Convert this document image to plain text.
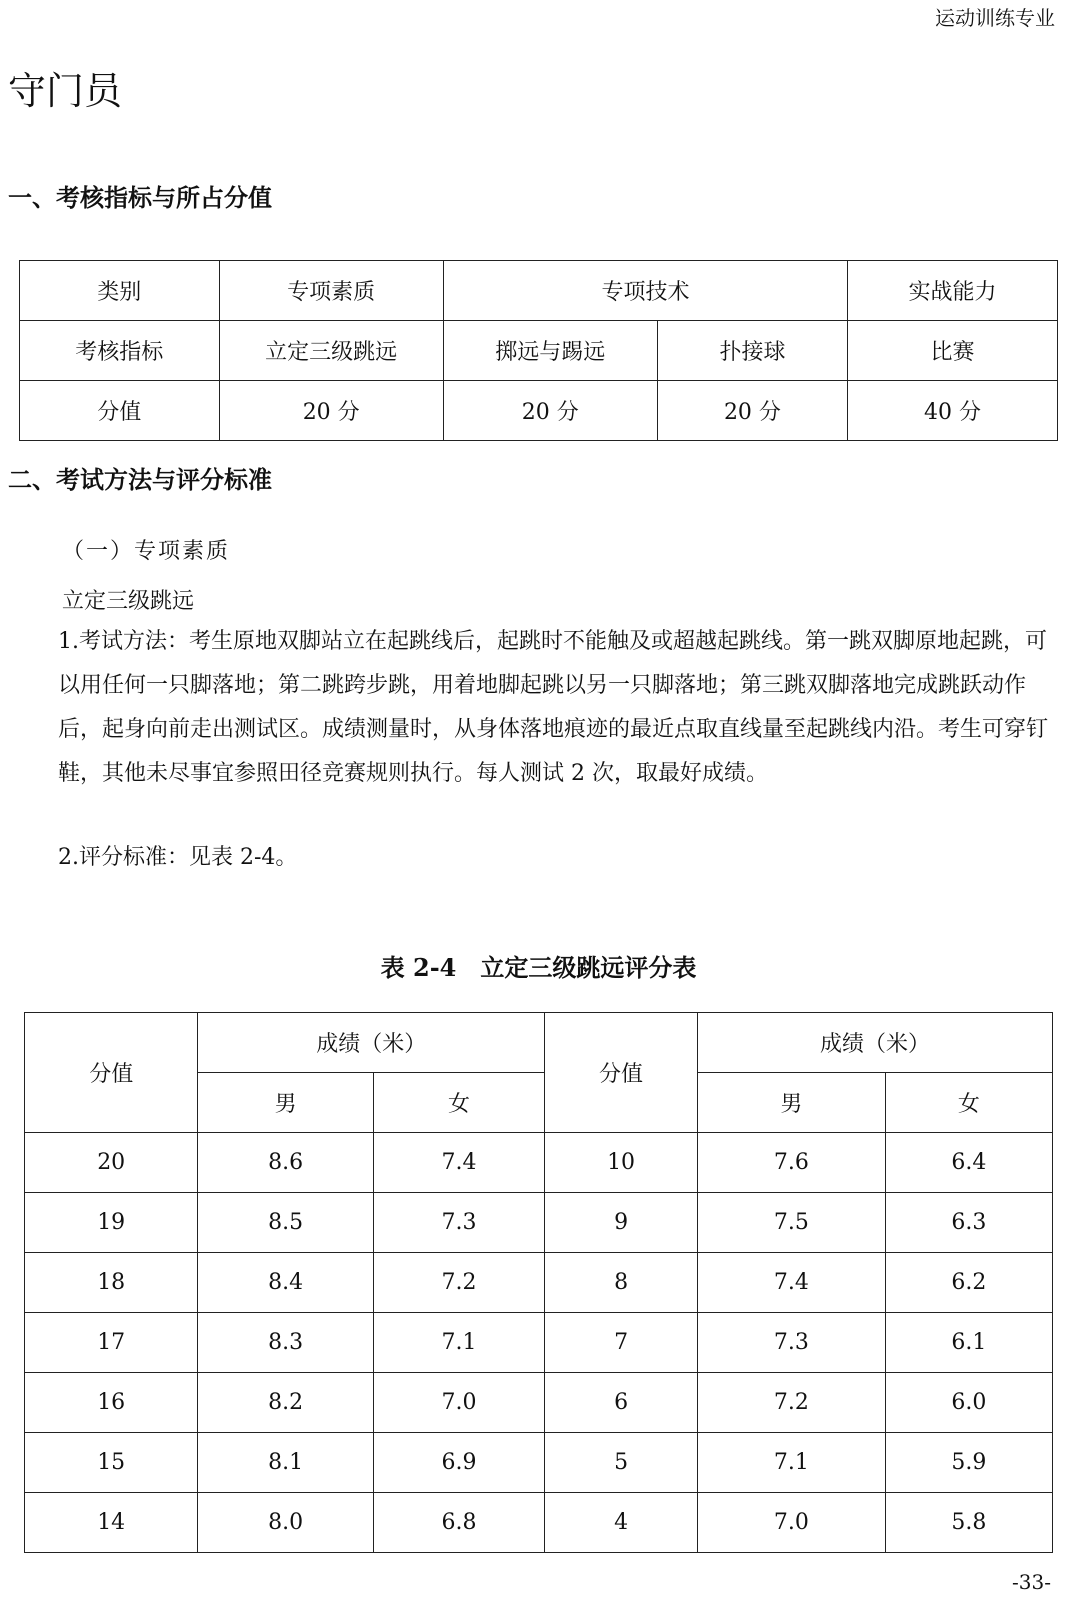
运动训练专业
守门员
一、考核指标与所占分值
类别	专项素质	专项技术		实战能力
考核指标	立定三级跳远	掷远与踢远	扑接球	比赛
分值	20 分	20 分	20 分	40 分
二、考试方法与评分标准
（一）专项素质
立定三级跳远
1.考试方法：考生原地双脚站立在起跳线后，起跳时不能触及或超越起跳线。第一跳双脚原地起跳，可以用任何一只脚落地；第二跳跨步跳，用着地脚起跳以另一只脚落地；第三跳双脚落地完成跳跃动作后，起身向前走出测试区。成绩测量时，从身体落地痕迹的最近点取直线量至起跳线内沿。考生可穿钉鞋，其他未尽事宜参照田径竞赛规则执行。每人测试 2 次，取最好成绩。
2.评分标准：见表 2-4。
表 2-4　立定三级跳远评分表
分值	成绩（米）		分值	成绩（米）	
	男	女		男	女
20	8.6	7.4	10	7.6	6.4
19	8.5	7.3	9	7.5	6.3
18	8.4	7.2	8	7.4	6.2
17	8.3	7.1	7	7.3	6.1
16	8.2	7.0	6	7.2	6.0
15	8.1	6.9	5	7.1	5.9
14	8.0	6.8	4	7.0	5.8
-33-
